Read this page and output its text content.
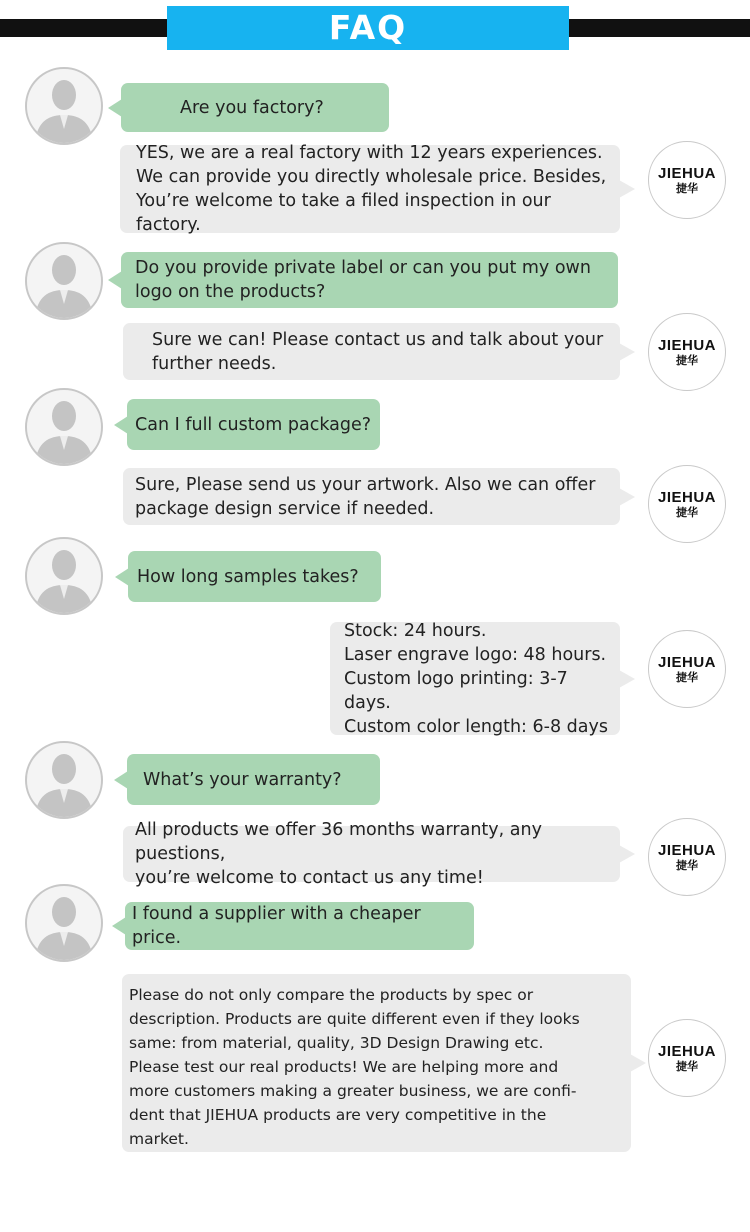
FAQ
Are you factory?
YES, we are a real factory with 12 years experiences.
We can provide you directly wholesale price. Besides,
You’re welcome to take a filed inspection in our factory.
JIEHUA
捷华
Do you provide private label or can you put my own
logo on the products?
Sure we can! Please contact us and talk about your
further needs.
JIEHUA
捷华
Can I full custom package?
Sure, Please send us your artwork. Also we can offer
package design service if needed.
JIEHUA
捷华
How long samples takes?
Stock: 24 hours.
Laser engrave logo: 48 hours.
Custom logo printing: 3-7 days.
Custom color length: 6-8 days
JIEHUA
捷华
What’s your warranty?
All products we offer 36 months warranty, any puestions,
you’re welcome to contact us any time!
JIEHUA
捷华
I found a supplier with a cheaper price.
Please do not only compare the products by spec or
description. Products are quite different even if they looks
same: from material, quality, 3D Design Drawing etc.
Please test our real products! We are helping more and
more customers making a greater business, we are confi-
dent that JIEHUA products are very competitive in the
market.
JIEHUA
捷华
